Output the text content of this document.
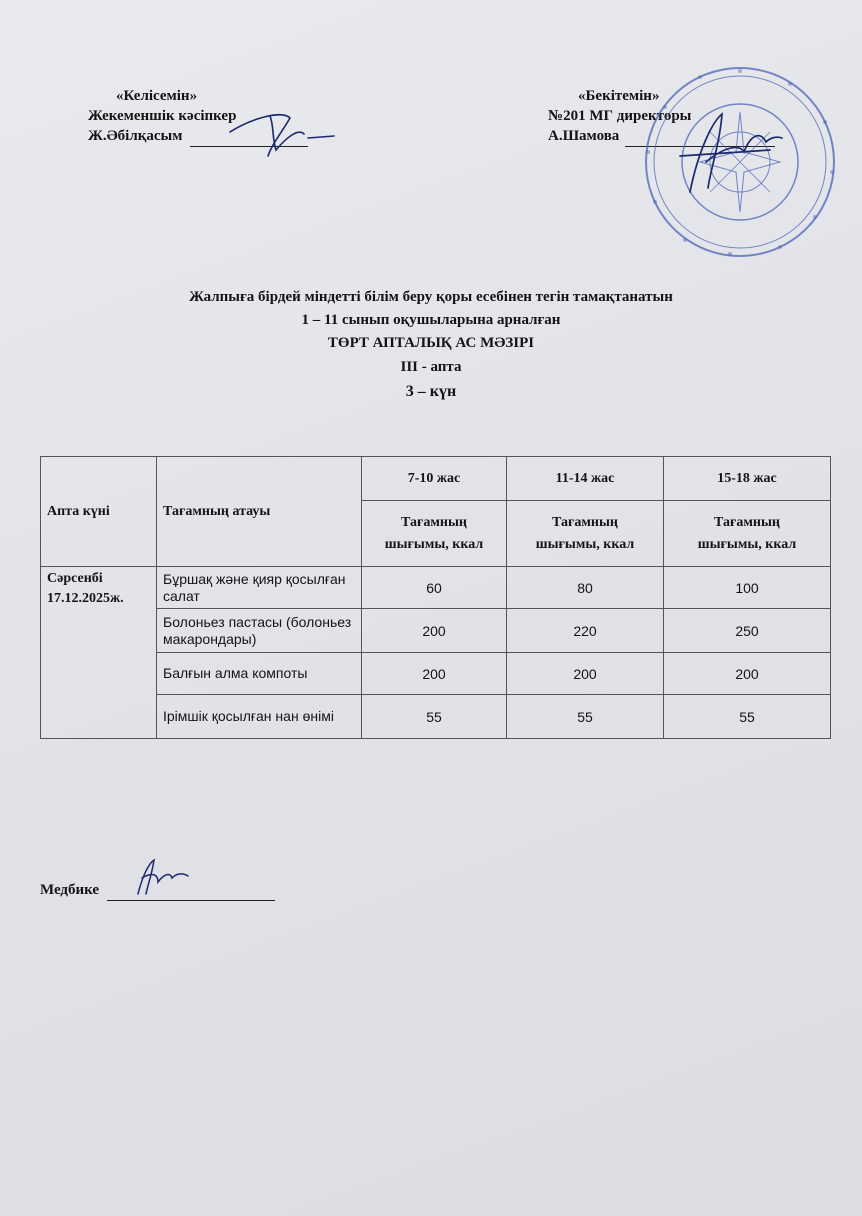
«Келісемін»
Жекеменшік кәсіпкер
Ж.Әбілқасым
«Бекітемін»
№201 МГ директоры
А.Шамова
Жалпыға бірдей міндетті білім беру қоры есебінен тегін тамақтанатын
1 – 11 сынып оқушыларына арналған
ТӨРТ АПТАЛЫҚ АС МӘЗІРІ
ІІІ - апта
3 – күн
Апта күні	Тағамның атауы	7-10 жас	11-14 жас	15-18 жас
		Тағамның
шығымы, ккал	Тағамның
шығымы, ккал	Тағамның
шығымы, ккал
Сәрсенбі
17.12.2025ж.	Бұршақ және қияр қосылған салат	60	80	100
	Болоньез пастасы (болоньез макарондары)	200	220	250
	Балғын алма компоты	200	200	200
	Ірімшік қосылған нан өнімі	55	55	55
Медбике
